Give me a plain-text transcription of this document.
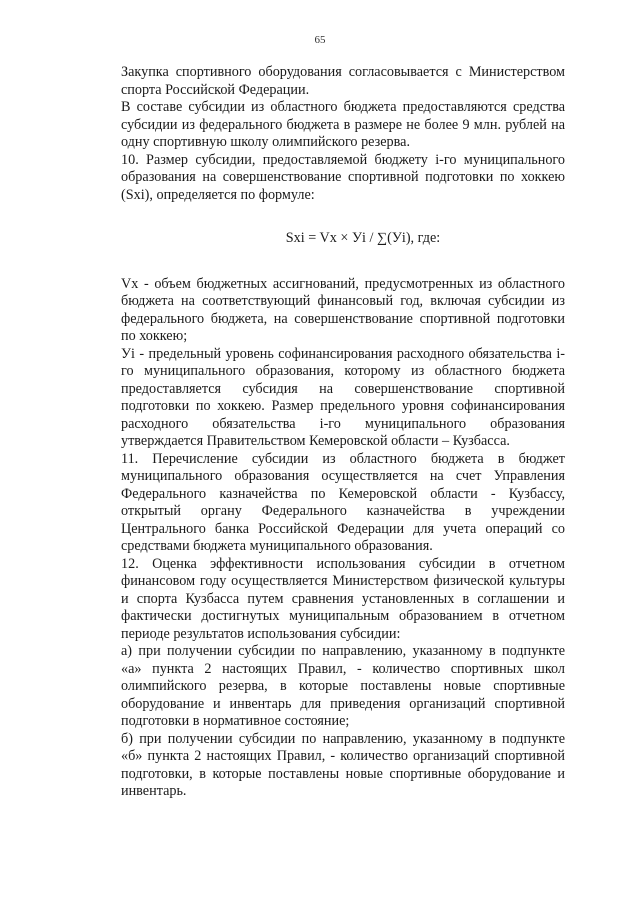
65

Закупка спортивного оборудования согласовывается с Министерством спорта Российской Федерации.

В составе субсидии из областного бюджета предоставляются средства субсидии из федерального бюджета в размере не более 9 млн. рублей на одну спортивную школу олимпийского резерва.

10. Размер субсидии, предоставляемой бюджету i-го муниципального образования на совершенствование спортивной подготовки по хоккею (Sxi), определяется по формуле:

Sxi = Vx × Уi / ∑(Уi), где:

Vx - объем бюджетных ассигнований, предусмотренных из областного бюджета на соответствующий финансовый год, включая субсидии из федерального бюджета, на совершенствование спортивной подготовки по хоккею;

Уi - предельный уровень софинансирования расходного обязательства i-го муниципального образования, которому из областного бюджета предоставляется субсидия на совершенствование спортивной подготовки по хоккею. Размер предельного уровня софинансирования расходного обязательства i-го муниципального образования утверждается Правительством Кемеровской области – Кузбасса.

11. Перечисление субсидии из областного бюджета в бюджет муниципального образования осуществляется на счет Управления Федерального казначейства по Кемеровской области - Кузбассу, открытый органу Федерального казначейства в учреждении Центрального банка Российской Федерации для учета операций со средствами бюджета муниципального образования.

12. Оценка эффективности использования субсидии в отчетном финансовом году осуществляется Министерством физической культуры и спорта Кузбасса путем сравнения установленных в соглашении и фактически достигнутых муниципальным образованием в отчетном периоде результатов использования субсидии:

а) при получении субсидии по направлению, указанному в подпункте «а» пункта 2 настоящих Правил, - количество спортивных школ олимпийского резерва, в которые поставлены новые спортивные оборудование и инвентарь для приведения организаций спортивной подготовки в нормативное состояние;

б) при получении субсидии по направлению, указанному в подпункте «б» пункта 2 настоящих Правил, - количество организаций спортивной подготовки, в которые поставлены новые спортивные оборудование и инвентарь.
